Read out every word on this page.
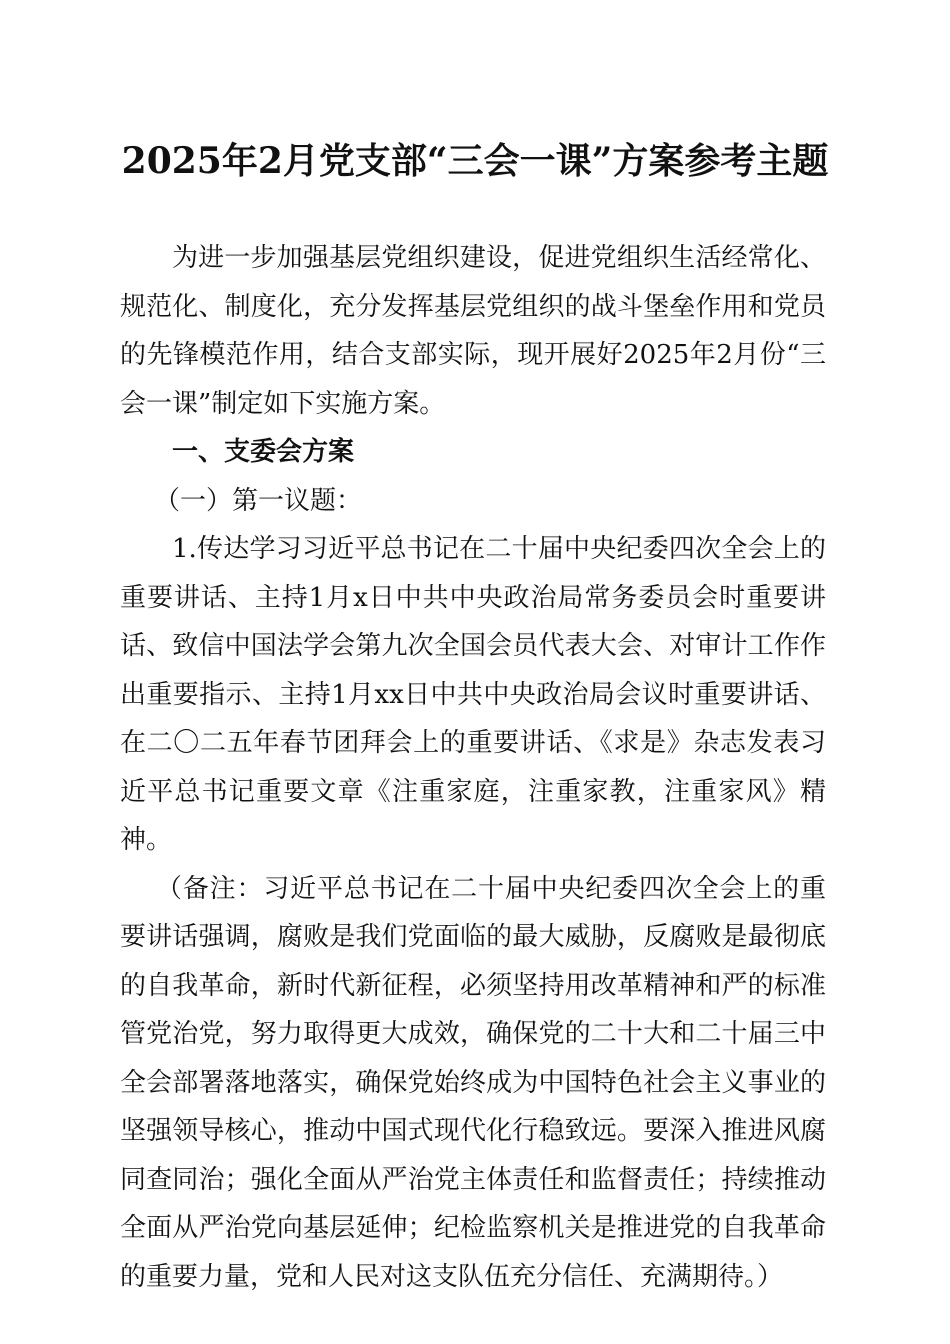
2025年2月党支部“三会一课”方案参考主题

为进一步加强基层党组织建设，促进党组织生活经常化、规范化、制度化，充分发挥基层党组织的战斗堡垒作用和党员的先锋模范作用，结合支部实际，现开展好2025年2月份“三会一课”制定如下实施方案。

一、支委会方案

（一）第一议题：

1.传达学习习近平总书记在二十届中央纪委四次全会上的重要讲话、主持1月x日中共中央政治局常务委员会时重要讲话、致信中国法学会第九次全国会员代表大会、对审计工作作出重要指示、主持1月xx日中共中央政治局会议时重要讲话、在二〇二五年春节团拜会上的重要讲话、《求是》杂志发表习近平总书记重要文章《注重家庭，注重家教，注重家风》精神。

（备注：习近平总书记在二十届中央纪委四次全会上的重要讲话强调，腐败是我们党面临的最大威胁，反腐败是最彻底的自我革命，新时代新征程，必须坚持用改革精神和严的标准管党治党，努力取得更大成效，确保党的二十大和二十届三中全会部署落地落实，确保党始终成为中国特色社会主义事业的坚强领导核心，推动中国式现代化行稳致远。要深入推进风腐同查同治；强化全面从严治党主体责任和监督责任；持续推动全面从严治党向基层延伸；纪检监察机关是推进党的自我革命的重要力量，党和人民对这支队伍充分信任、充满期待。）
